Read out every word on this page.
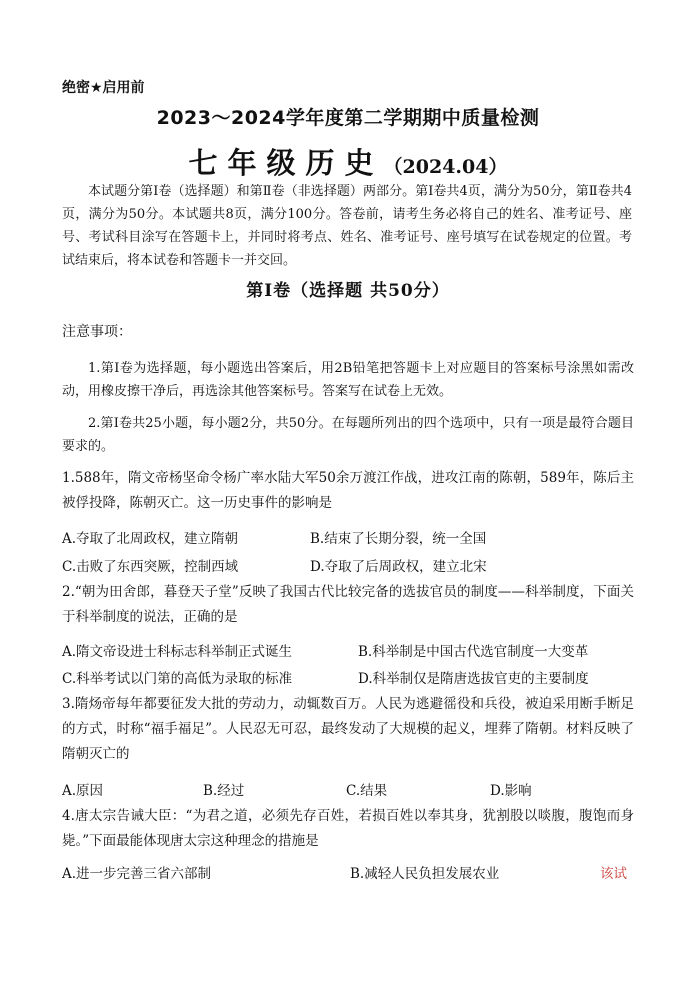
绝密★启用前
2023～2024学年度第二学期期中质量检测
七年级历史（2024.04）
本试题分第Ⅰ卷（选择题）和第Ⅱ卷（非选择题）两部分。第Ⅰ卷共4页，满分为50分，第Ⅱ卷共4页，满分为50分。本试题共8页，满分100分。答卷前，请考生务必将自己的姓名、准考证号、座号、考试科目涂写在答题卡上，并同时将考点、姓名、准考证号、座号填写在试卷规定的位置。考试结束后，将本试卷和答题卡一并交回。
第Ⅰ卷（选择题 共50分）
注意事项：
1.第Ⅰ卷为选择题，每小题选出答案后，用2B铅笔把答题卡上对应题目的答案标号涂黑如需改动，用橡皮擦干净后，再选涂其他答案标号。答案写在试卷上无效。
2.第Ⅰ卷共25小题，每小题2分，共50分。在每题所列出的四个选项中，只有一项是最符合题目要求的。
1.588年，隋文帝杨坚命令杨广率水陆大军50余万渡江作战，进攻江南的陈朝，589年，陈后主被俘投降，陈朝灭亡。这一历史事件的影响是
A.夺取了北周政权，建立隋朝	B.结束了长期分裂，统一全国
C.击败了东西突厥，控制西域	D.夺取了后周政权，建立北宋
2.“朝为田舍郎，暮登天子堂”反映了我国古代比较完备的选拔官员的制度——科举制度，下面关于科举制度的说法，正确的是
A.隋文帝设进士科标志科举制正式诞生	B.科举制是中国古代选官制度一大变革
C.科举考试以门第的高低为录取的标准	D.科举制仅是隋唐选拔官吏的主要制度
3.隋炀帝每年都要征发大批的劳动力，动辄数百万。人民为逃避徭役和兵役，被迫采用断手断足的方式，时称“福手福足”。人民忍无可忍，最终发动了大规模的起义，埋葬了隋朝。材料反映了隋朝灭亡的
A.原因	B.经过	C.结果	D.影响
4.唐太宗告诫大臣：“为君之道，必须先存百姓，若损百姓以奉其身，犹割股以啖腹，腹饱而身毙。”下面最能体现唐太宗这种理念的措施是
A.进一步完善三省六部制	B.减轻人民负担发展农业	该试
